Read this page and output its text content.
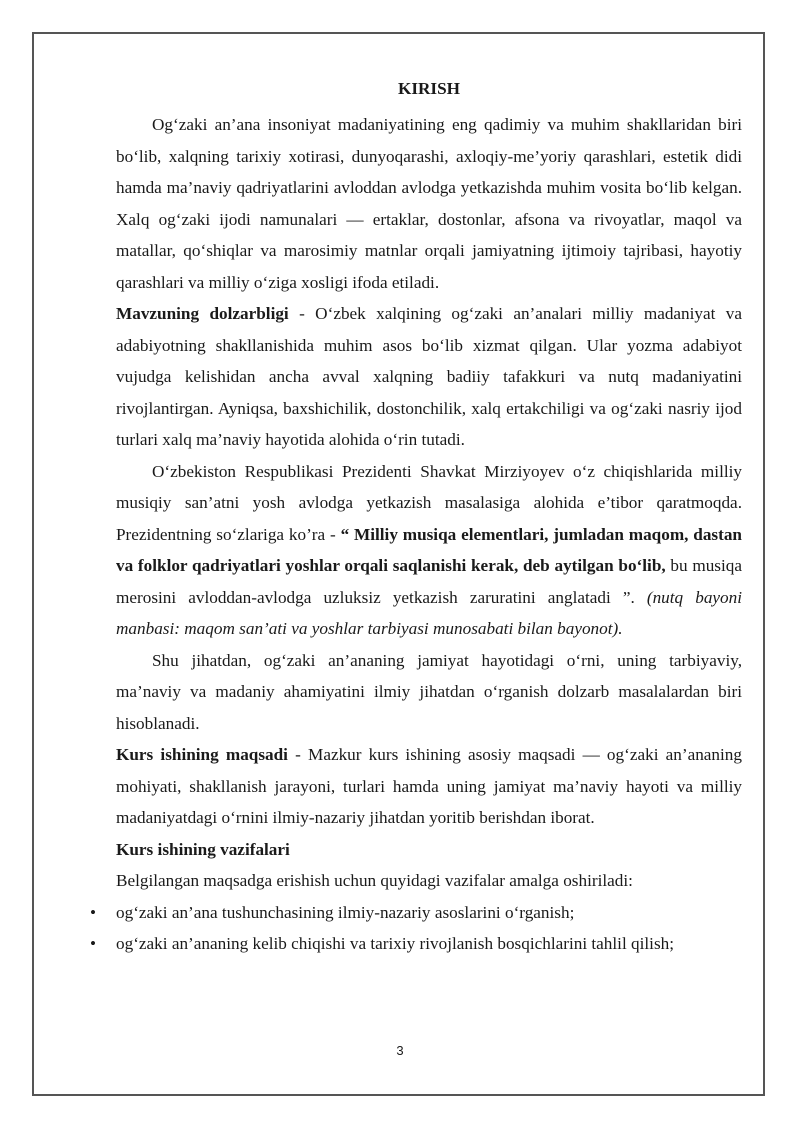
KIRISH

Og‘zaki an’ana insoniyat madaniyatining eng qadimiy va muhim shakllaridan biri bo‘lib, xalqning tarixiy xotirasi, dunyoqarashi, axloqiy-me’yoriy qarashlari, estetik didi hamda ma’naviy qadriyatlarini avloddan avlodga yetkazishda muhim vosita bo‘lib kelgan. Xalq og‘zaki ijodi namunalari — ertaklar, dostonlar, afsona va rivoyatlar, maqol va matallar, qo‘shiqlar va marosimiy matnlar orqali jamiyatning ijtimoiy tajribasi, hayotiy qarashlari va milliy o‘ziga xosligi ifoda etiladi.

Mavzuning dolzarbligi - O‘zbek xalqining og‘zaki an’analari milliy madaniyat va adabiyotning shakllanishida muhim asos bo‘lib xizmat qilgan. Ular yozma adabiyot vujudga kelishidan ancha avval xalqning badiiy tafakkuri va nutq madaniyatini rivojlantirgan. Ayniqsa, baxshichilik, dostonchilik, xalq ertakchiligi va og‘zaki nasriy ijod turlari xalq ma’naviy hayotida alohida o‘rin tutadi.

O‘zbekiston Respublikasi Prezidenti Shavkat Mirziyoyev o‘z chiqishlarida milliy musiqiy san’atni yosh avlodga yetkazish masalasiga alohida e’tibor qaratmoqda. Prezidentning so‘zlariga ko’ra - “ Milliy musiqa elementlari, jumladan maqom, dastan va folklor qadriyatlari yoshlar orqali saqlanishi kerak, deb aytilgan bo‘lib, bu musiqa merosini avloddan-avlodga uzluksiz yetkazish zaruratini anglatadi ”. (nutq bayoni manbasi: maqom san’ati va yoshlar tarbiyasi munosabati bilan bayonot).

Shu jihatdan, og‘zaki an’ananing jamiyat hayotidagi o‘rni, uning tarbiyaviy, ma’naviy va madaniy ahamiyatini ilmiy jihatdan o‘rganish dolzarb masalalardan biri hisoblanadi.

Kurs ishining maqsadi - Mazkur kurs ishining asosiy maqsadi — og‘zaki an’ananing mohiyati, shakllanish jarayoni, turlari hamda uning jamiyat ma’naviy hayoti va milliy madaniyatdagi o‘rnini ilmiy-nazariy jihatdan yoritib berishdan iborat.

Kurs ishining vazifalari

Belgilangan maqsadga erishish uchun quyidagi vazifalar amalga oshiriladi:

• og‘zaki an’ana tushunchasining ilmiy-nazariy asoslarini o‘rganish;
• og‘zaki an’ananing kelib chiqishi va tarixiy rivojlanish bosqichlarini tahlil qilish;
3
